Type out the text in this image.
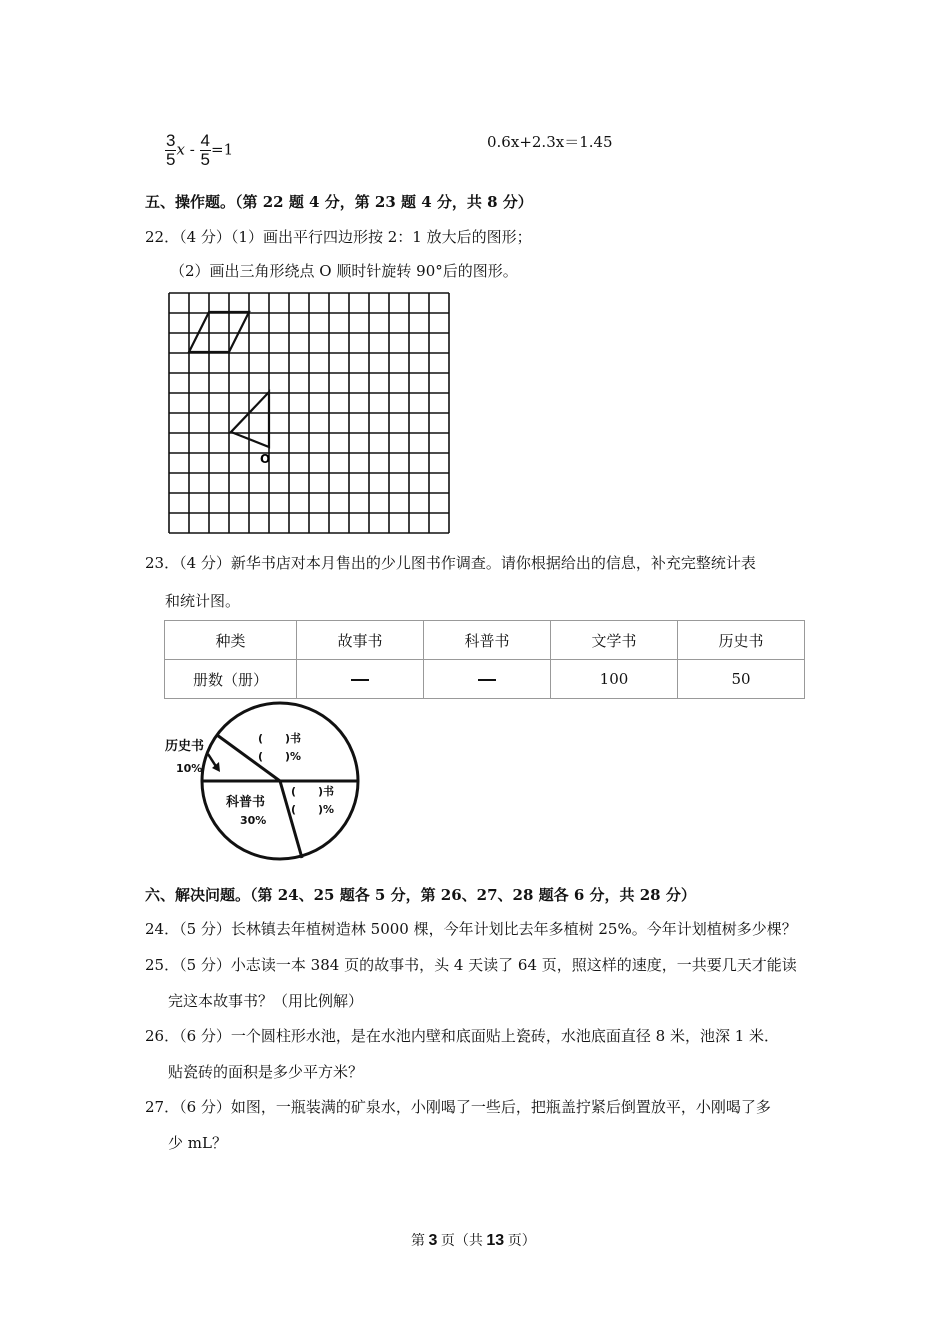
$\frac{3}{5}$ $x - \frac{4}{5} =1$	0.6x+2.3x＝1.45
五、操作题。（第 22 题 4 分，第 23 题 4 分，共 8 分）
22．（4 分）（1）画出平行四边形按 2：1 放大后的图形；
（2）画出三角形绕点 O 顺时针旋转 90°后的图形。
O
23．（4 分）新华书店对本月售出的少儿图书作调查。请你根据给出的信息，补充完整统计表
和统计图。
种类	故事书	科普书	文学书	历史书
册数（册）			100	50
历史书
10%
科普书
30%
(　　)书
(　　)%
(　　)书
(　　)%
六、解决问题。（第 24、25 题各 5 分，第 26、27、28 题各 6 分，共 28 分）
24．（5 分）长林镇去年植树造林 5000 棵，今年计划比去年多植树 25%。今年计划植树多少棵？
25．（5 分）小志读一本 384 页的故事书，头 4 天读了 64 页，照这样的速度，一共要几天才能读
完这本故事书？（用比例解）
26．（6 分）一个圆柱形水池，是在水池内壁和底面贴上瓷砖，水池底面直径 8 米，池深 1 米．
贴瓷砖的面积是多少平方米？
27．（6 分）如图，一瓶装满的矿泉水，小刚喝了一些后，把瓶盖拧紧后倒置放平，小刚喝了多
少 mL？
第 3 页（共 13 页）
